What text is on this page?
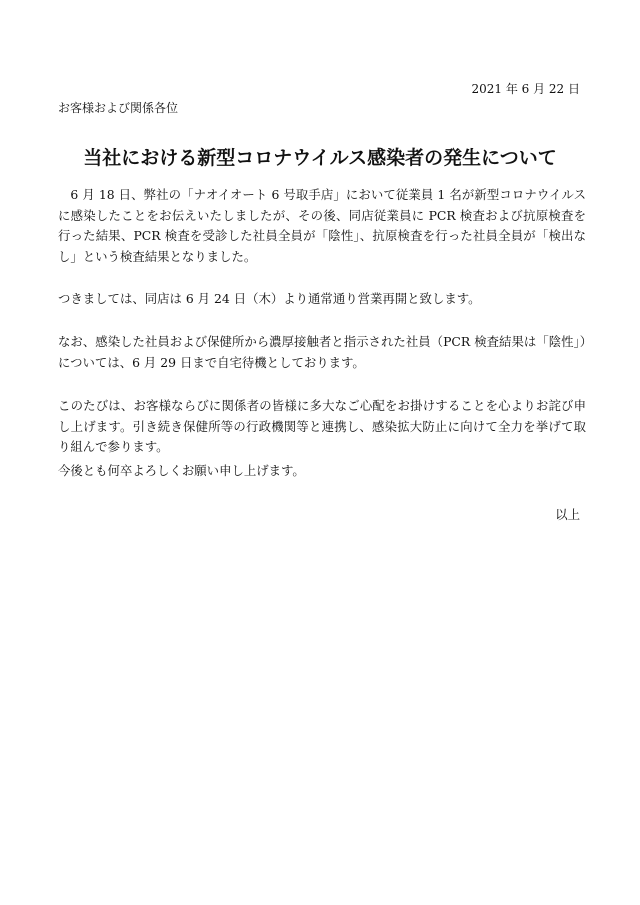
2021 年 6 月 22 日
お客様および関係各位
当社における新型コロナウイルス感染者の発生について

6 月 18 日、弊社の「ナオイオート 6 号取手店」において従業員 1 名が新型コロナウイルスに感染したことをお伝えいたしましたが、その後、同店従業員に PCR 検査および抗原検査を行った結果、PCR 検査を受診した社員全員が「陰性」、抗原検査を行った社員全員が「検出なし」という検査結果となりました。

つきましては、同店は 6 月 24 日（木）より通常通り営業再開と致します。

なお、感染した社員および保健所から濃厚接触者と指示された社員（PCR 検査結果は「陰性」）については、6 月 29 日まで自宅待機としております。

このたびは、お客様ならびに関係者の皆様に多大なご心配をお掛けすることを心よりお詫び申し上げます。引き続き保健所等の行政機関等と連携し、感染拡大防止に向けて全力を挙げて取り組んで参ります。

今後とも何卒よろしくお願い申し上げます。

以上
